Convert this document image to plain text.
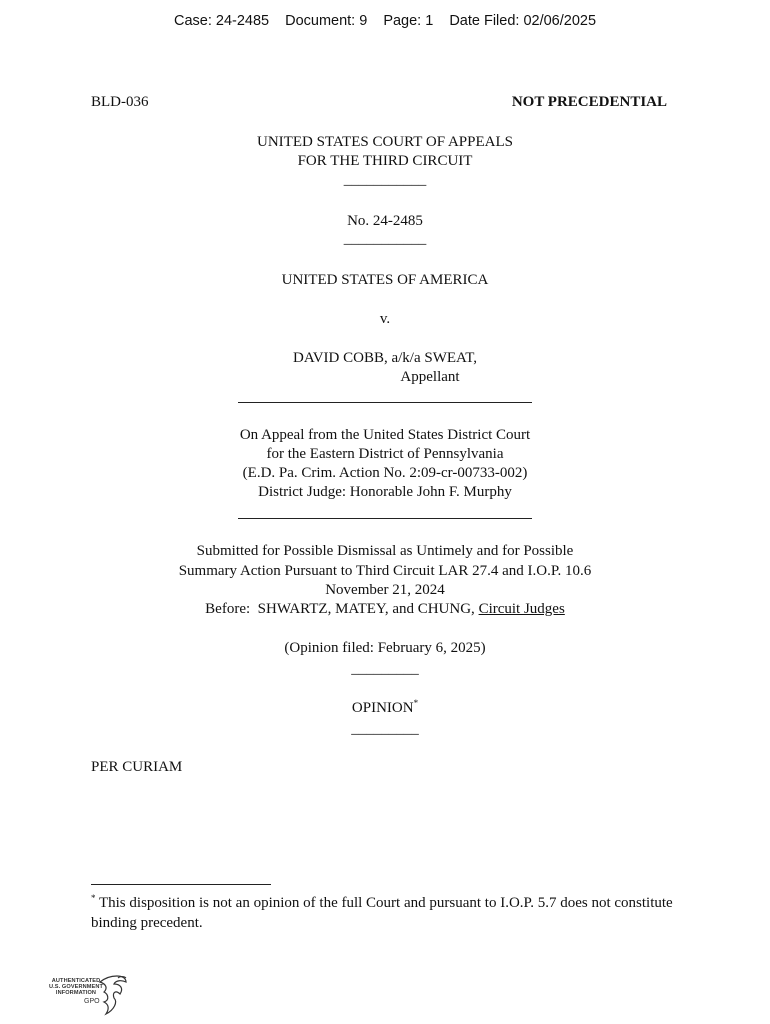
Case: 24-2485 Document: 9 Page: 1 Date Filed: 02/06/2025
BLD-036	NOT PRECEDENTIAL
UNITED STATES COURT OF APPEALS
FOR THE THIRD CIRCUIT
___________
No. 24-2485
___________
UNITED STATES OF AMERICA
v.
DAVID COBB, a/k/a SWEAT,
Appellant
On Appeal from the United States District Court
for the Eastern District of Pennsylvania
(E.D. Pa. Crim. Action No. 2:09-cr-00733-002)
District Judge: Honorable John F. Murphy
Submitted for Possible Dismissal as Untimely and for Possible
Summary Action Pursuant to Third Circuit LAR 27.4 and I.O.P. 10.6
November 21, 2024
Before:  SHWARTZ, MATEY, and CHUNG, Circuit Judges
(Opinion filed: February 6, 2025)
_________
OPINION*
_________
PER CURIAM
* This disposition is not an opinion of the full Court and pursuant to I.O.P. 5.7 does not constitute binding precedent.
AUTHENTICATED
U.S. GOVERNMENT
INFORMATION
GPO
